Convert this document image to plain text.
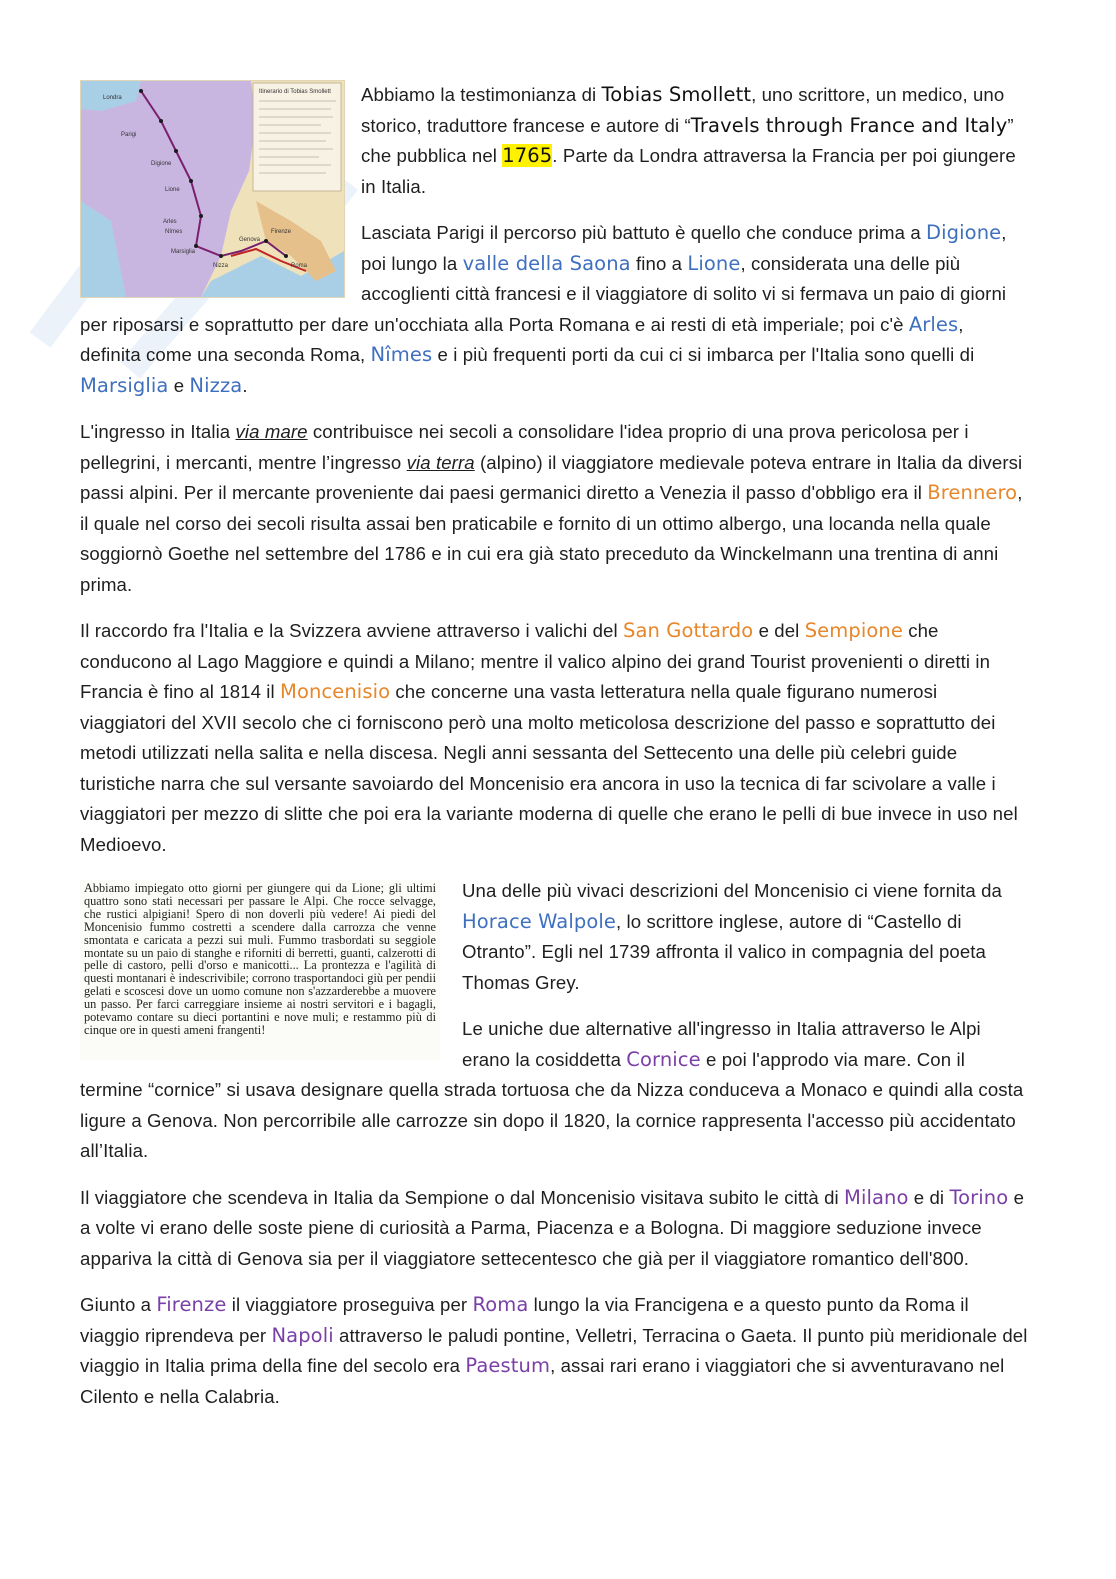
Itinerario di Tobias Smollett
Londra
Parigi
Digione
Lione
Arles
Nîmes
Marsiglia
Nizza
Genova
Firenze
Roma

Abbiamo la testimonianza di Tobias Smollett, uno scrittore, un medico, uno storico, traduttore francese e autore di “Travels through France and Italy” che pubblica nel 1765. Parte da Londra attraversa la Francia per poi giungere in Italia.

Lasciata Parigi il percorso più battuto è quello che conduce prima a Digione, poi lungo la valle della Saona fino a Lione, considerata una delle più accoglienti città francesi e il viaggiatore di solito vi si fermava un paio di giorni per riposarsi e soprattutto per dare un'occhiata alla Porta Romana e ai resti di età imperiale; poi c'è Arles, definita come una seconda Roma, Nîmes e i più frequenti porti da cui ci si imbarca per l'Italia sono quelli di Marsiglia e Nizza.

L'ingresso in Italia via mare contribuisce nei secoli a consolidare l'idea proprio di una prova pericolosa per i pellegrini, i mercanti, mentre l’ingresso via terra (alpino) il viaggiatore medievale poteva entrare in Italia da diversi passi alpini. Per il mercante proveniente dai paesi germanici diretto a Venezia il passo d'obbligo era il Brennero, il quale nel corso dei secoli risulta assai ben praticabile e fornito di un ottimo albergo, una locanda nella quale soggiornò Goethe nel settembre del 1786 e in cui era già stato preceduto da Winckelmann una trentina di anni prima.

Il raccordo fra l'Italia e la Svizzera avviene attraverso i valichi del San Gottardo e del Sempione che conducono al Lago Maggiore e quindi a Milano; mentre il valico alpino dei grand Tourist provenienti o diretti in Francia è fino al 1814 il Moncenisio che concerne una vasta letteratura nella quale figurano numerosi viaggiatori del XVII secolo che ci forniscono però una molto meticolosa descrizione del passo e soprattutto dei metodi utilizzati nella salita e nella discesa. Negli anni sessanta del Settecento una delle più celebri guide turistiche narra che sul versante savoiardo del Moncenisio era ancora in uso la tecnica di far scivolare a valle i viaggiatori per mezzo di slitte che poi era la variante moderna di quelle che erano le pelli di bue invece in uso nel Medioevo.

Abbiamo impiegato otto giorni per giungere qui da Lione; gli ultimi quattro sono stati necessari per passare le Alpi. Che rocce selvagge, che rustici alpigiani! Spero di non doverli più vedere! Ai piedi del Moncenisio fummo costretti a scendere dalla carrozza che venne smontata e caricata a pezzi sui muli. Fummo trasbordati su seggiole montate su un paio di stanghe e riforniti di berretti, guanti, calzerotti di pelle di castoro, pelli d'orso e manicotti... La prontezza e l'agilità di questi montanari è indescrivibile; corrono trasportandoci giù per pendii gelati e scoscesi dove un uomo comune non s'azzarderebbe a muovere un passo. Per farci carreggiare insieme ai nostri servitori e i bagagli, potevamo contare su dieci portantini e nove muli; e restammo più di cinque ore in questi ameni frangenti!

Una delle più vivaci descrizioni del Moncenisio ci viene fornita da Horace Walpole, lo scrittore inglese, autore di “Castello di Otranto”. Egli nel 1739 affronta il valico in compagnia del poeta Thomas Grey.

Le uniche due alternative all'ingresso in Italia attraverso le Alpi erano la cosiddetta Cornice e poi l'approdo via mare. Con il termine “cornice” si usava designare quella strada tortuosa che da Nizza conduceva a Monaco e quindi alla costa ligure a Genova. Non percorribile alle carrozze sin dopo il 1820, la cornice rappresenta l'accesso più accidentato all’Italia.

Il viaggiatore che scendeva in Italia da Sempione o dal Moncenisio visitava subito le città di Milano e di Torino e a volte vi erano delle soste piene di curiosità a Parma, Piacenza e a Bologna. Di maggiore seduzione invece appariva la città di Genova sia per il viaggiatore settecentesco che già per il viaggiatore romantico dell'800.

Giunto a Firenze il viaggiatore proseguiva per Roma lungo la via Francigena e a questo punto da Roma il viaggio riprendeva per Napoli attraverso le paludi pontine, Velletri, Terracina o Gaeta. Il punto più meridionale del viaggio in Italia prima della fine del secolo era Paestum, assai rari erano i viaggiatori che si avventuravano nel Cilento e nella Calabria.
